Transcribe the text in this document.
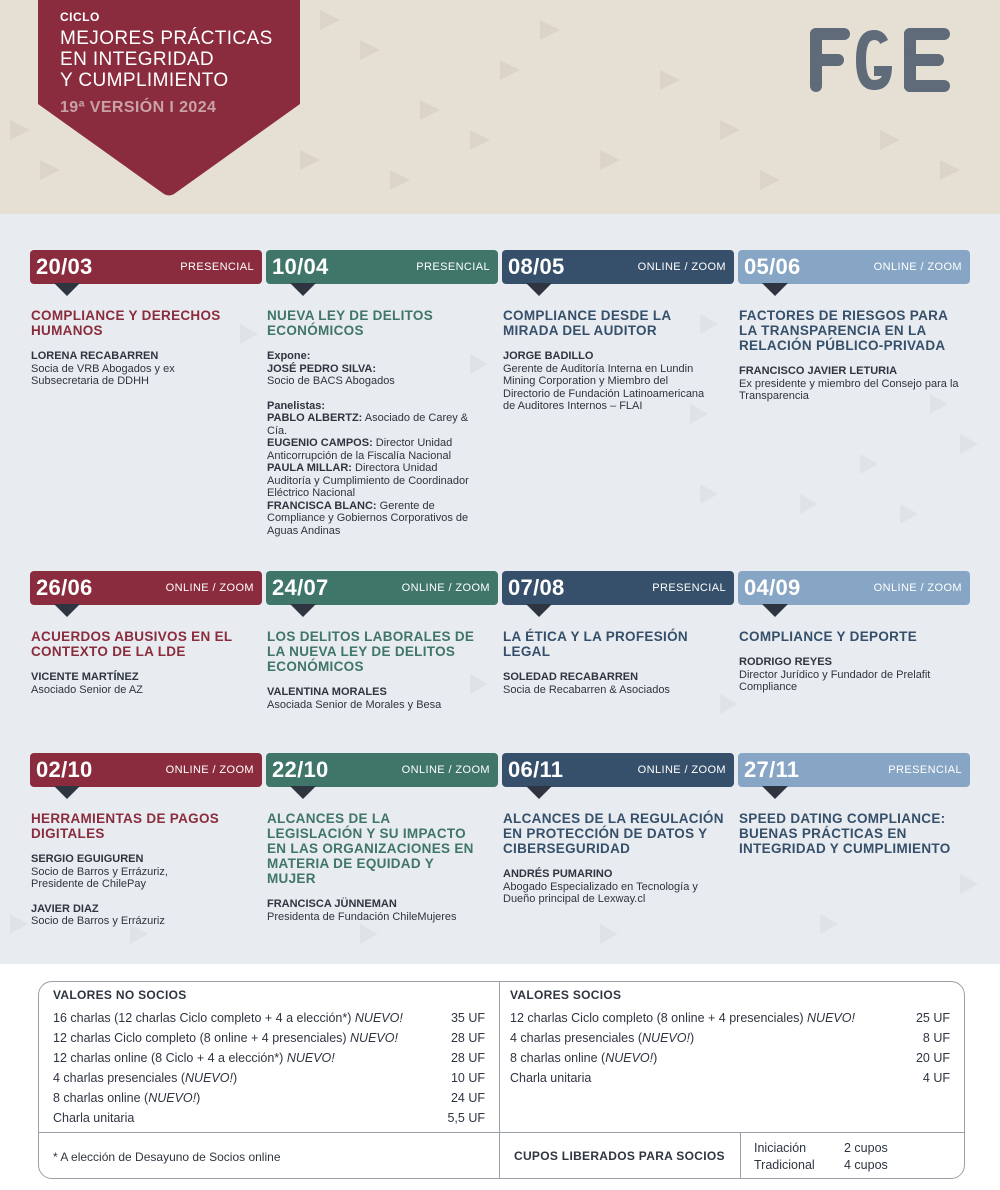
CICLO
MEJORES PRÁCTICAS
EN INTEGRIDAD
Y CUMPLIMIENTO
19ª VERSIÓN I 2024
20/03	PRESENCIAL
COMPLIANCE Y DERECHOS HUMANOS
LORENA RECABARREN
Socia de VRB Abogados y ex Subsecretaria de DDHH
10/04	PRESENCIAL
NUEVA LEY DE DELITOS ECONÓMICOS
Expone:
JOSÉ PEDRO SILVA:
Socio de BACS Abogados
Panelistas:
PABLO ALBERTZ: Asociado de Carey & Cía.
EUGENIO CAMPOS: Director Unidad Anticorrupción de la Fiscalía Nacional
PAULA MILLAR: Directora Unidad Auditoría y Cumplimiento de Coordinador Eléctrico Nacional
FRANCISCA BLANC: Gerente de Compliance y Gobiernos Corporativos de Aguas Andinas
08/05	ONLINE / ZOOM
COMPLIANCE DESDE LA MIRADA DEL AUDITOR
JORGE BADILLO
Gerente de Auditoría Interna en Lundin Mining Corporation y Miembro del Directorio de Fundación Latinoamericana de Auditores Internos – FLAI
05/06	ONLINE / ZOOM
FACTORES DE RIESGOS PARA LA TRANSPARENCIA EN LA RELACIÓN PÚBLICO-PRIVADA
FRANCISCO JAVIER LETURIA
Ex presidente y miembro del Consejo para la Transparencia
26/06	ONLINE / ZOOM
ACUERDOS ABUSIVOS EN EL CONTEXTO DE LA LDE
VICENTE MARTÍNEZ
Asociado Senior de AZ
24/07	ONLINE / ZOOM
LOS DELITOS LABORALES DE LA NUEVA LEY DE DELITOS ECONÓMICOS
VALENTINA MORALES
Asociada Senior de Morales y Besa
07/08	PRESENCIAL
LA ÉTICA Y LA PROFESIÓN LEGAL
SOLEDAD RECABARREN
Socia de Recabarren & Asociados
04/09	ONLINE / ZOOM
COMPLIANCE Y DEPORTE
RODRIGO REYES
Director Jurídico y Fundador de Prelafit Compliance
02/10	ONLINE / ZOOM
HERRAMIENTAS DE PAGOS DIGITALES
SERGIO EGUIGUREN
Socio de Barros y Errázuriz, Presidente de ChilePay
JAVIER DIAZ
Socio de Barros y Errázuriz
22/10	ONLINE / ZOOM
ALCANCES DE LA LEGISLACIÓN Y SU IMPACTO EN LAS ORGANIZACIONES EN MATERIA DE EQUIDAD Y MUJER
FRANCISCA JÜNNEMAN
Presidenta de Fundación ChileMujeres
06/11	ONLINE / ZOOM
ALCANCES DE LA REGULACIÓN EN PROTECCIÓN DE DATOS Y CIBERSEGURIDAD
ANDRÉS PUMARINO
Abogado Especializado en Tecnología y Dueño principal de Lexway.cl
27/11	PRESENCIAL
SPEED DATING COMPLIANCE: BUENAS PRÁCTICAS EN INTEGRIDAD Y CUMPLIMIENTO
VALORES NO SOCIOS
16 charlas (12 charlas Ciclo completo + 4 a elección*) NUEVO!	35 UF
12 charlas Ciclo completo (8 online + 4 presenciales) NUEVO!	28 UF
12 charlas online (8 Ciclo + 4 a elección*) NUEVO!	28 UF
4 charlas presenciales (NUEVO!)	10 UF
8 charlas online (NUEVO!)	24 UF
Charla unitaria	5,5 UF
VALORES SOCIOS
12 charlas Ciclo completo (8 online + 4 presenciales) NUEVO!	25 UF
4 charlas presenciales (NUEVO!)	8 UF
8 charlas online (NUEVO!)	20 UF
Charla unitaria	4 UF
* A elección de Desayuno de Socios online	CUPOS LIBERADOS PARA SOCIOS
Iniciación	2 cupos
Tradicional 4 cupos
